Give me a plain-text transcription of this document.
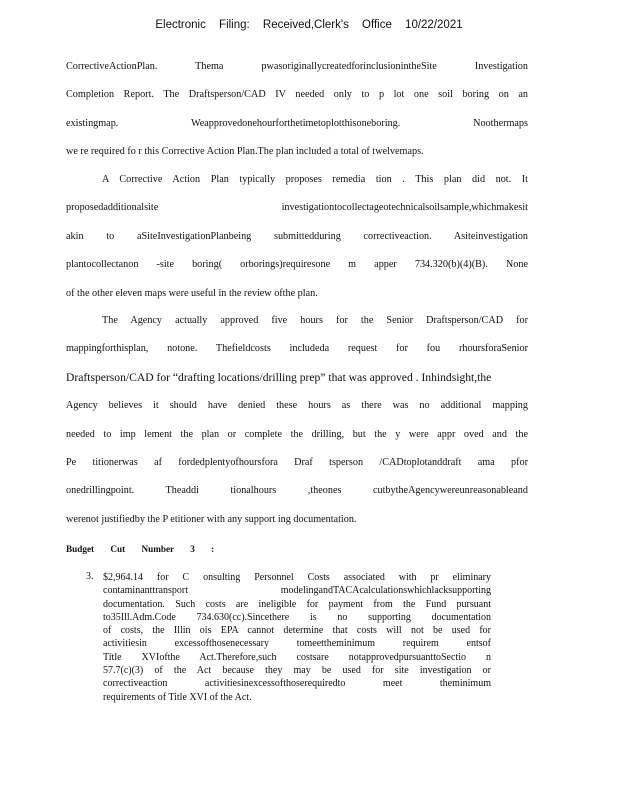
Electronic Filing: Received,Clerk's Office 10/22/2021
CorrectiveActionPlan. Thema pwasoriginallycreatedforinclusionintheSite Investigation
Completion Report. The Draftsperson/CAD IV needed only to p lot one soil boring on an
existingmap. Weapprovedonehourforthetimetoplotthisoneboring. Noothermaps
we re required fo r this Corrective Action Plan.The plan included a total of twelvemaps.
A Corrective Action Plan typically proposes remedia tion . This plan did not. It
proposedadditionalsite investigationtocollectageotechnicalsoilsample,whichmakesit
akin to aSiteInvestigationPlanbeing submittedduring correctiveaction. Asiteinvestigation
plantocollectanon -site boring( orborings)requiresone m apper 734.320(b)(4)(B). None
of the other eleven maps were useful in the review ofthe plan.
The Agency actually approved five hours for the Senior Draftsperson/CAD for
mappingforthisplan, notone. Thefieldcosts includeda request for fou rhoursforaSenior
Draftsperson/CAD for “drafting locations/drilling prep” that was approved . Inhindsight,the
Agency believes it should have denied these hours as there was no additional mapping
needed to imp lement the plan or complete the drilling, but the y were appr oved and the
Pe titionerwas af fordedplentyofhoursfora Draf tsperson /CADtoplotanddraft ama pfor
onedrillingpoint. Theaddi tionalhours ,theones cutbytheAgencywereunreasonableand
werenot justifiedby the P etitioner with any support ing documentation.
Budget Cut Number 3 :
3. $2,964.14 for C onsulting Personnel Costs associated with pr eliminary
contaminanttransport modelingandTACAcalculationswhichlacksupporting
documentation. Such costs are ineligible for payment from the Fund pursuant
to35Ill.Adm.Code 734.630(cc).Sincethere is no supporting documentation
of costs, the Illin ois EPA cannot determine that costs will not be used for
activitiesin excessofthosenecessary tomeettheminimum requirem entsof
Title XVIofthe Act.Therefore,such costsare notapprovedpursuanttoSectio n
57.7(c)(3) of the Act because they may be used for site investigation or
correctiveaction activitiesinexcessofthoserequiredto meet theminimum
requirements of Title XVI of the Act.
